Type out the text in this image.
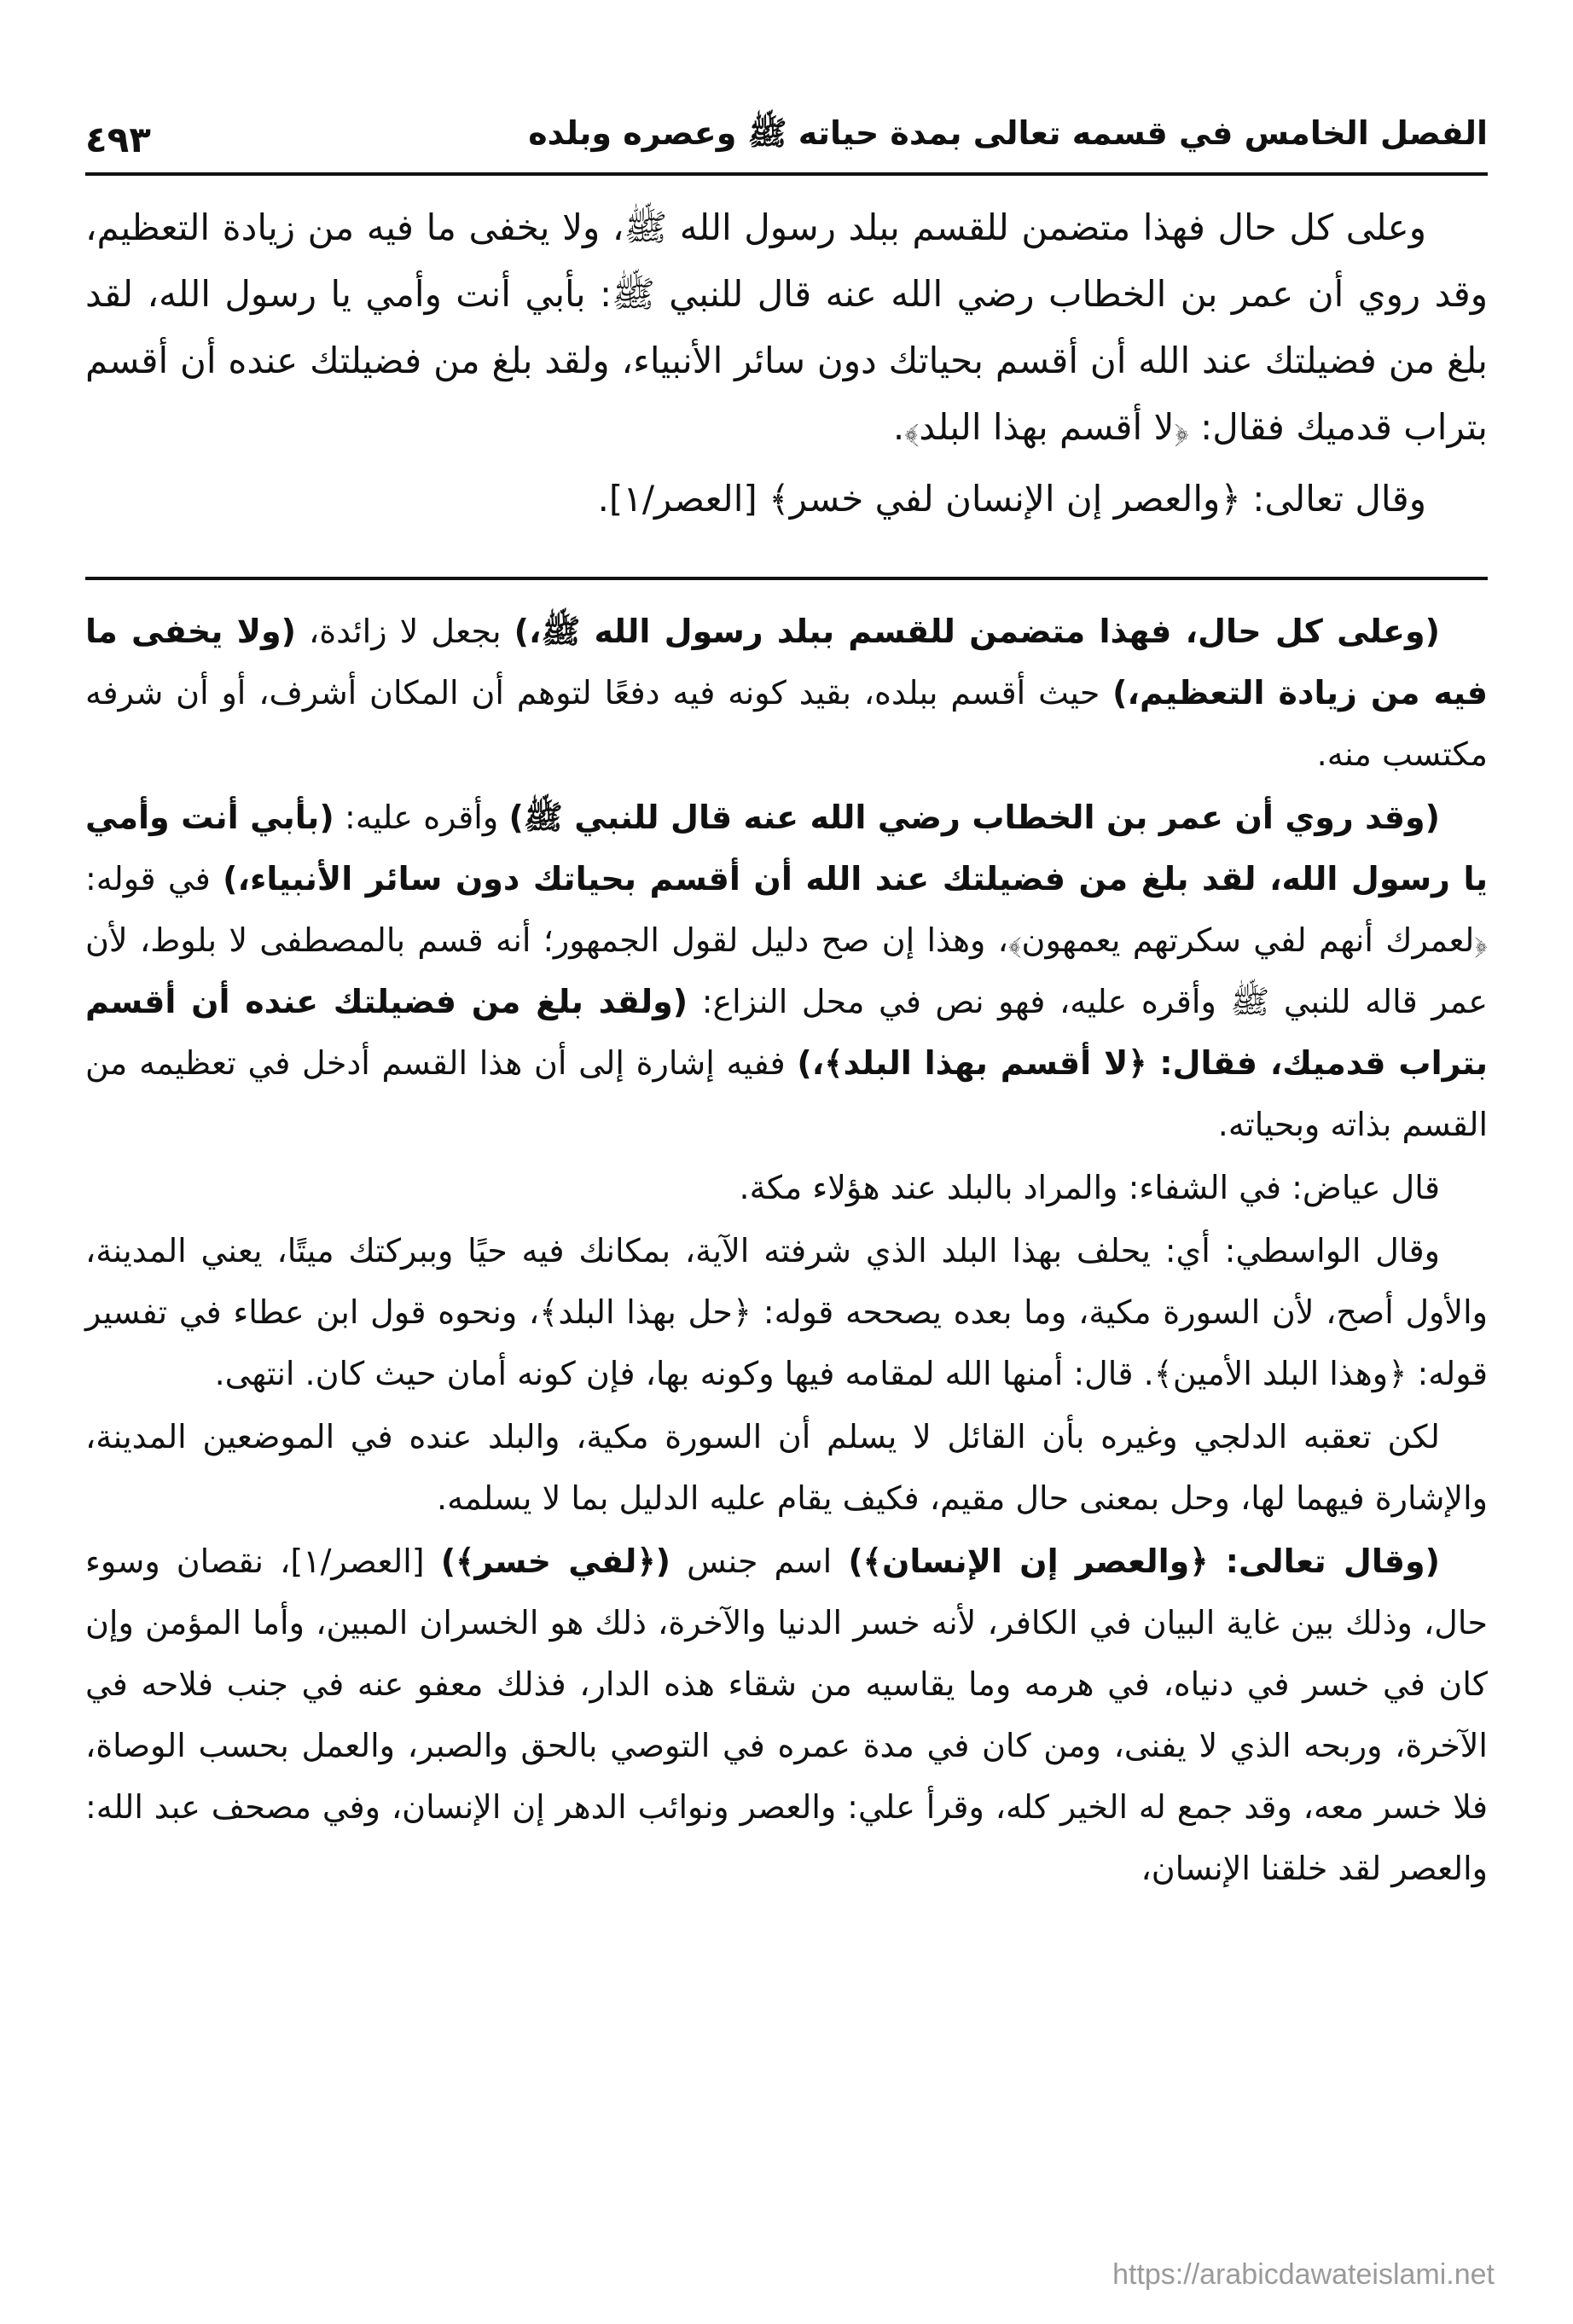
الفصل الخامس في قسمه تعالى بمدة حياته ﷺ وعصره وبلده
٤٩٣

وعلى كل حال فهذا متضمن للقسم ببلد رسول الله ﷺ، ولا يخفى ما فيه من زيادة التعظيم، وقد روي أن عمر بن الخطاب رضي الله عنه قال للنبي ﷺ: بأبي أنت وأمي يا رسول الله، لقد بلغ من فضيلتك عند الله أن أقسم بحياتك دون سائر الأنبياء، ولقد بلغ من فضيلتك عنده أن أقسم بتراب قدميك فقال: ﴿لا أقسم بهذا البلد﴾.

وقال تعالى: ﴿والعصر إن الإنسان لفي خسر﴾ [العصر/١].

(وعلى كل حال، فهذا متضمن للقسم ببلد رسول الله ﷺ،) بجعل لا زائدة، (ولا يخفى ما فيه من زيادة التعظيم،) حيث أقسم ببلده، بقيد كونه فيه دفعًا لتوهم أن المكان أشرف، أو أن شرفه مكتسب منه.

(وقد روي أن عمر بن الخطاب رضي الله عنه قال للنبي ﷺ) وأقره عليه: (بأبي أنت وأمي يا رسول الله، لقد بلغ من فضيلتك عند الله أن أقسم بحياتك دون سائر الأنبياء،) في قوله: ﴿لعمرك أنهم لفي سكرتهم يعمهون﴾، وهذا إن صح دليل لقول الجمهور؛ أنه قسم بالمصطفى لا بلوط، لأن عمر قاله للنبي ﷺ وأقره عليه، فهو نص في محل النزاع: (ولقد بلغ من فضيلتك عنده أن أقسم بتراب قدميك، فقال: ﴿لا أقسم بهذا البلد﴾،) ففيه إشارة إلى أن هذا القسم أدخل في تعظيمه من القسم بذاته وبحياته.

قال عياض: في الشفاء: والمراد بالبلد عند هؤلاء مكة.

وقال الواسطي: أي: يحلف بهذا البلد الذي شرفته الآية، بمكانك فيه حيًا وببركتك ميتًا، يعني المدينة، والأول أصح، لأن السورة مكية، وما بعده يصححه قوله: ﴿حل بهذا البلد﴾، ونحوه قول ابن عطاء في تفسير قوله: ﴿وهذا البلد الأمين﴾. قال: أمنها الله لمقامه فيها وكونه بها، فإن كونه أمان حيث كان. انتهى.

لكن تعقبه الدلجي وغيره بأن القائل لا يسلم أن السورة مكية، والبلد عنده في الموضعين المدينة، والإشارة فيهما لها، وحل بمعنى حال مقيم، فكيف يقام عليه الدليل بما لا يسلمه.

(وقال تعالى: ﴿والعصر إن الإنسان﴾) اسم جنس (﴿لفي خسر﴾) [العصر/١]، نقصان وسوء حال، وذلك بين غاية البيان في الكافر، لأنه خسر الدنيا والآخرة، ذلك هو الخسران المبين، وأما المؤمن وإن كان في خسر في دنياه، في هرمه وما يقاسيه من شقاء هذه الدار، فذلك معفو عنه في جنب فلاحه في الآخرة، وربحه الذي لا يفنى، ومن كان في مدة عمره في التوصي بالحق والصبر، والعمل بحسب الوصاة، فلا خسر معه، وقد جمع له الخير كله، وقرأ علي: والعصر ونوائب الدهر إن الإنسان، وفي مصحف عبد الله: والعصر لقد خلقنا الإنسان،

https://arabicdawateislami.net
